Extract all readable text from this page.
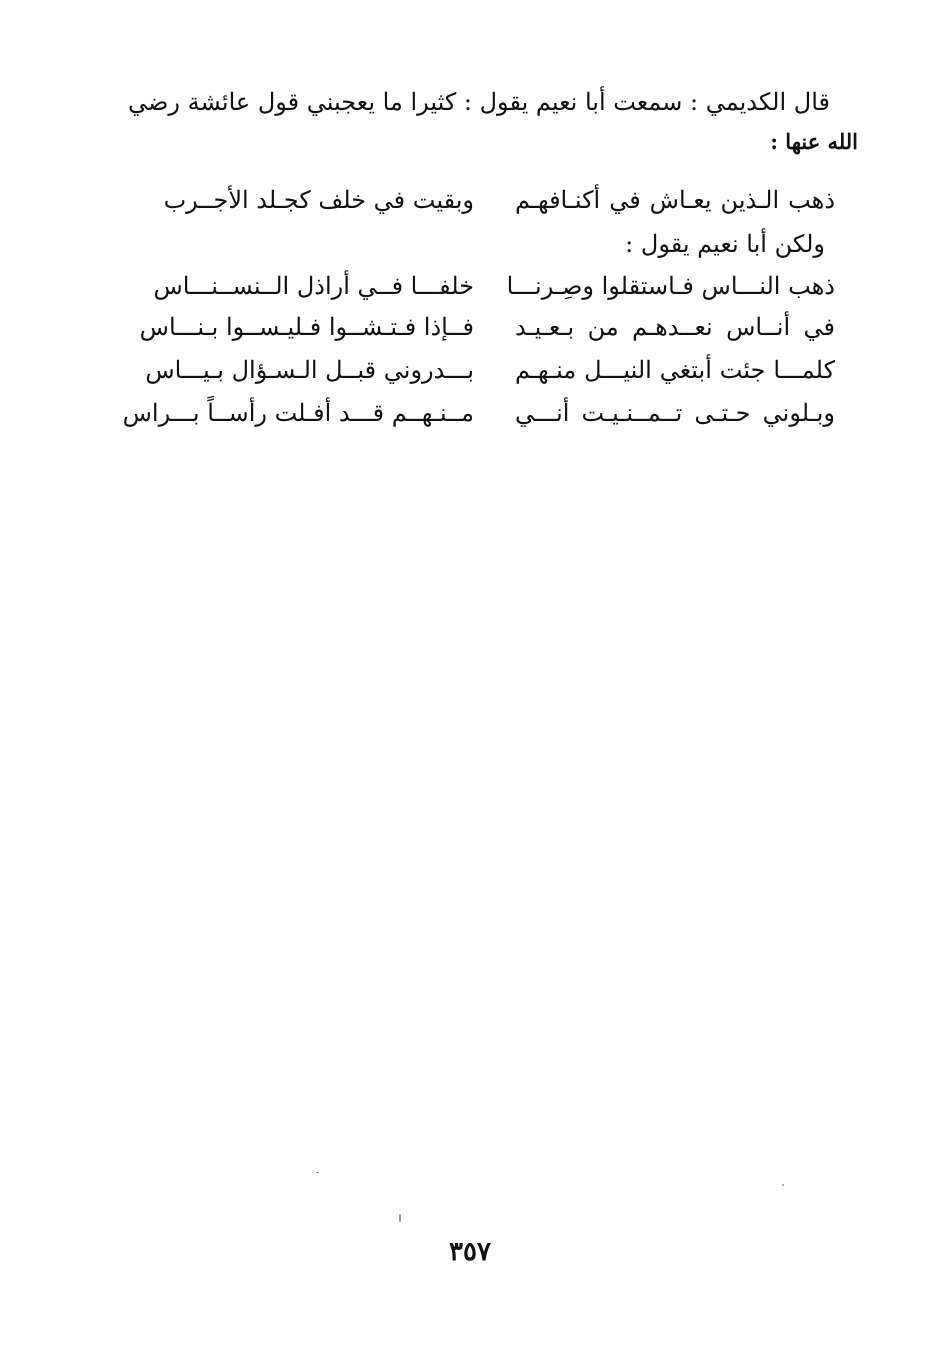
قال الكديمي : سمعت أبا نعيم يقول : كثيرا ما يعجبني قول عائشة رضي
الله عنها :
ذهب الـذين يعـاش في أكنـافهـم
وبقيت في خلف كجـلد الأجــرب
ولكن أبا نعيم يقول :
ذهب النـــاس فـاستقلوا وصِـرنـــا
خلفـــا فــي أراذل الــنســنـــاس
في أنــاس نعــدهـم من بـعـيـد
فــإذا فـتـشــوا فـليـســوا بـنـــاس
كلمـــا جئت أبتغي النيـــل منـهـم
بـــدروني قبــل الـسـؤال بـيـــاس
وبـلوني حـتـى تــمــنـيـت أنـــي
مــنـهــم قـــد أفـلت رأســاً بـــراس
٣٥٧
